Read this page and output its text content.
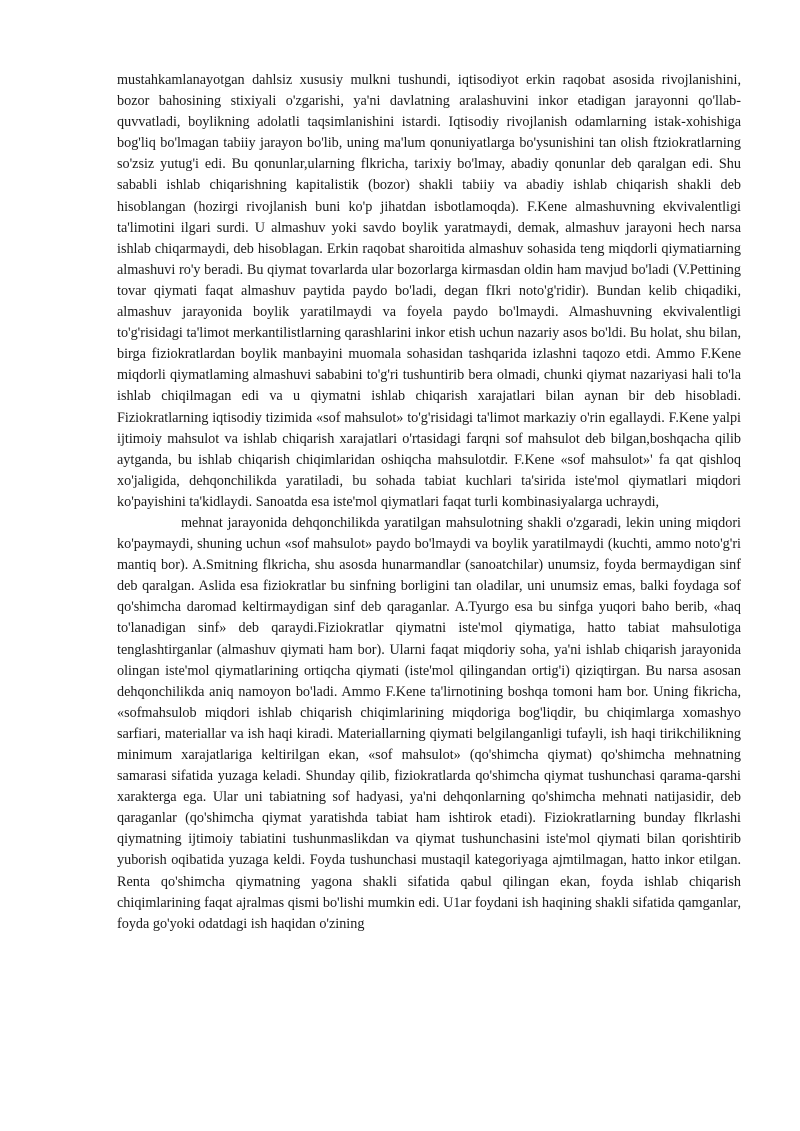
mustahkamlanayotgan dahlsiz xususiy mulkni tushundi, iqtisodiyot erkin raqobat asosida rivojlanishini, bozor bahosining stixiyali o'zgarishi, ya'ni davlatning aralashuvini inkor etadigan jarayonni qo'llab-quvvatladi, boylikning adolatli taqsimlanishini istardi. Iqtisodiy rivojlanish odamlarning istak-xohishiga bog'liq bo'lmagan tabiiy jarayon bo'lib, uning ma'lum qonuniyatlarga bo'ysunishini tan olish ftziokratlarning so'zsiz yutug'i edi. Bu qonunlar,ularning flkricha, tarixiy bo'lmay, abadiy qonunlar deb qaralgan edi. Shu sababli ishlab chiqarishning kapitalistik (bozor) shakli tabiiy va abadiy ishlab chiqarish shakli deb hisoblangan (hozirgi rivojlanish buni ko'p jihatdan isbotlamoqda). F.Kene almashuvning ekvivalentligi ta'limotini ilgari surdi. U almashuv yoki savdo boylik yaratmaydi, demak, almashuv jarayoni hech narsa ishlab chiqarmaydi, deb hisoblagan. Erkin raqobat sharoitida almashuv sohasida teng miqdorli qiymatiarning almashuvi ro'y beradi. Bu qiymat tovarlarda ular bozorlarga kirmasdan oldin ham mavjud bo'ladi (V.Pettining tovar qiymati faqat almashuv paytida paydo bo'ladi, degan fIkri noto'g'ridir). Bundan kelib chiqadiki, almashuv jarayonida boylik yaratilmaydi va foyela paydo bo'lmaydi. Almashuvning ekvivalentligi to'g'risidagi ta'limot merkantilistlarning qarashlarini inkor etish uchun nazariy asos bo'ldi. Bu holat, shu bilan, birga fiziokratlardan boylik manbayini muomala sohasidan tashqarida izlashni taqozo etdi. Ammo F.Kene miqdorli qiymatlaming almashuvi sababini to'g'ri tushuntirib bera olmadi, chunki qiymat nazariyasi hali to'la ishlab chiqilmagan edi va u qiymatni ishlab chiqarish xarajatlari bilan aynan bir deb hisobladi. Fiziokratlarning iqtisodiy tizimida «sof mahsulot» to'g'risidagi ta'limot markaziy o'rin egallaydi. F.Kene yalpi ijtimoiy mahsulot va ishlab chiqarish xarajatlari o'rtasidagi farqni sof mahsulot deb bilgan,boshqacha qilib aytganda, bu ishlab chiqarish chiqimlaridan oshiqcha mahsulotdir. F.Kene «sof mahsulot»' fa qat qishloq xo'jaligida, dehqonchilikda yaratiladi, bu sohada tabiat kuchlari ta'sirida iste'mol qiymatlari miqdori ko'payishini ta'kidlaydi. Sanoatda esa iste'mol qiymatlari faqat turli kombinasiyalarga uchraydi,

mehnat jarayonida dehqonchilikda yaratilgan mahsulotning shakli o'zgaradi, lekin uning miqdori ko'paymaydi, shuning uchun «sof mahsulot» paydo bo'lmaydi va boylik yaratilmaydi (kuchti, ammo noto'g'ri mantiq bor). A.Smitning flkricha, shu asosda hunarmandlar (sanoatchilar) unumsiz, foyda bermaydigan sinf deb qaralgan. Aslida esa fiziokratlar bu sinfning borligini tan oladilar, uni unumsiz emas, balki foydaga sof qo'shimcha daromad keltirmaydigan sinf deb qaraganlar. A.Tyurgo esa bu sinfga yuqori baho berib, «haq to'lanadigan sinf» deb qaraydi.Fiziokratlar qiymatni iste'mol qiymatiga, hatto tabiat mahsulotiga tenglashtirganlar (almashuv qiymati ham bor). Ularni faqat miqdoriy soha, ya'ni ishlab chiqarish jarayonida olingan iste'mol qiymatlarining ortiqcha qiymati (iste'mol qilingandan ortig'i) qiziqtirgan. Bu narsa asosan dehqonchilikda aniq namoyon bo'ladi. Ammo F.Kene ta'lirnotining boshqa tomoni ham bor. Uning fikricha, «sofmahsulob miqdori ishlab chiqarish chiqimlarining miqdoriga bog'liqdir, bu chiqimlarga xomashyo sarfiari, materiallar va ish haqi kiradi. Materiallarning qiymati belgilanganligi tufayli, ish haqi tirikchilikning minimum xarajatlariga keltirilgan ekan, «sof mahsulot» (qo'shimcha qiymat) qo'shimcha mehnatning samarasi sifatida yuzaga keladi. Shunday qilib, fiziokratlarda qo'shimcha qiymat tushunchasi qarama-qarshi xarakterga ega. Ular uni tabiatning sof hadyasi, ya'ni dehqonlarning qo'shimcha mehnati natijasidir, deb qaraganlar (qo'shimcha qiymat yaratishda tabiat ham ishtirok etadi). Fiziokratlarning bunday flkrlashi qiymatning ijtimoiy tabiatini tushunmaslikdan va qiymat tushunchasini iste'mol qiymati bilan qorishtirib yuborish oqibatida yuzaga keldi. Foyda tushunchasi mustaqil kategoriyaga ajmtilmagan, hatto inkor etilgan. Renta qo'shimcha qiymatning yagona shakli sifatida qabul qilingan ekan, foyda ishlab chiqarish chiqimlarining faqat ajralmas qismi bo'lishi mumkin edi. U1ar foydani ish haqining shakli sifatida qamganlar, foyda go'yoki odatdagi ish haqidan o'zining
